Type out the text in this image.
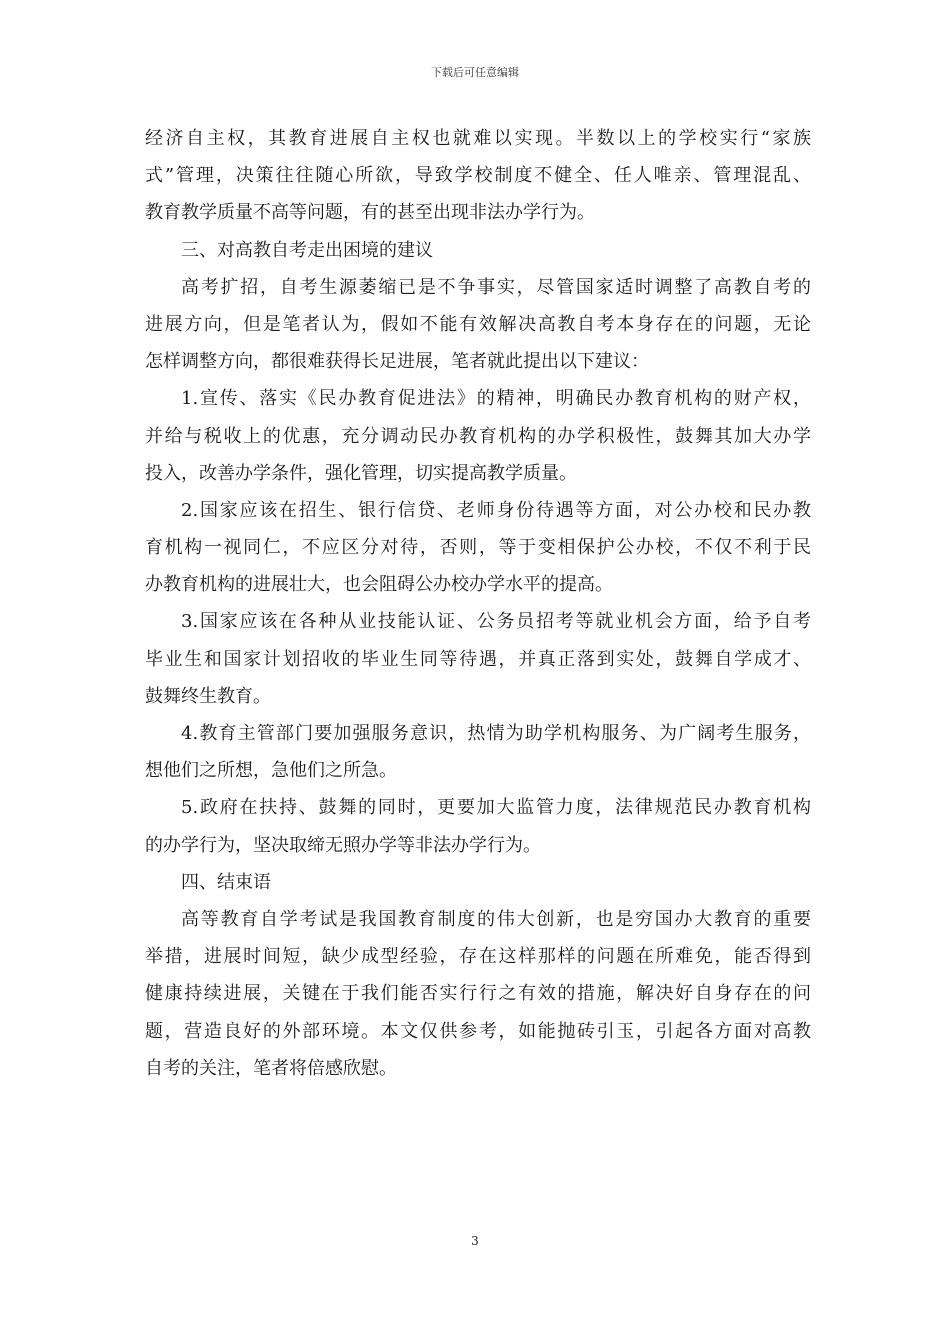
下载后可任意编辑
经济自主权，其教育进展自主权也就难以实现。半数以上的学校实行“家族
式”管理，决策往往随心所欲，导致学校制度不健全、任人唯亲、管理混乱、
教育教学质量不高等问题，有的甚至出现非法办学行为。
三、对高教自考走出困境的建议
高考扩招，自考生源萎缩已是不争事实，尽管国家适时调整了高教自考的
进展方向，但是笔者认为，假如不能有效解决高教自考本身存在的问题，无论
怎样调整方向，都很难获得长足进展，笔者就此提出以下建议：
1.宣传、落实《民办教育促进法》的精神，明确民办教育机构的财产权，
并给与税收上的优惠，充分调动民办教育机构的办学积极性，鼓舞其加大办学
投入，改善办学条件，强化管理，切实提高教学质量。
2.国家应该在招生、银行信贷、老师身份待遇等方面，对公办校和民办教
育机构一视同仁，不应区分对待，否则，等于变相保护公办校，不仅不利于民
办教育机构的进展壮大，也会阻碍公办校办学水平的提高。
3.国家应该在各种从业技能认证、公务员招考等就业机会方面，给予自考
毕业生和国家计划招收的毕业生同等待遇，并真正落到实处，鼓舞自学成才、
鼓舞终生教育。
4.教育主管部门要加强服务意识，热情为助学机构服务、为广阔考生服务，
想他们之所想，急他们之所急。
5.政府在扶持、鼓舞的同时，更要加大监管力度，法律规范民办教育机构
的办学行为，坚决取缔无照办学等非法办学行为。
四、结束语
高等教育自学考试是我国教育制度的伟大创新，也是穷国办大教育的重要
举措，进展时间短，缺少成型经验，存在这样那样的问题在所难免，能否得到
健康持续进展，关键在于我们能否实行行之有效的措施，解决好自身存在的问
题，营造良好的外部环境。本文仅供参考，如能抛砖引玉，引起各方面对高教
自考的关注，笔者将倍感欣慰。
3
